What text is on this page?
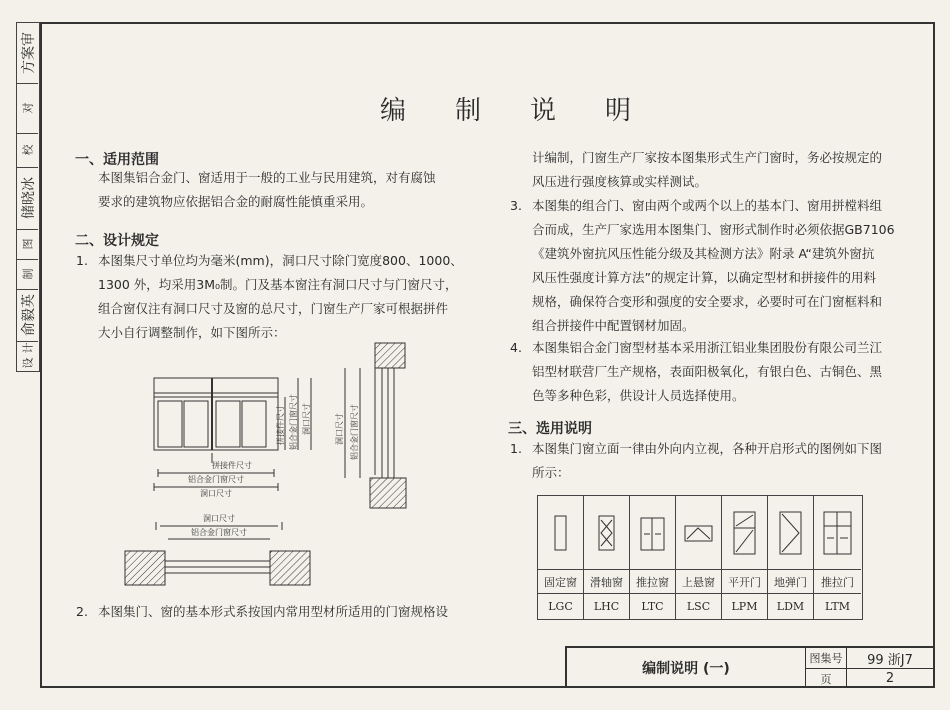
方案审
对
校
储晓冰
图
制
俞毅英
计
设
编 制 说 明
一、适用范围
本图集铝合金门、窗适用于一般的工业与民用建筑，对有腐蚀
要求的建筑物应依据铝合金的耐腐性能慎重采用。
二、设计规定
1. 本图集尺寸单位均为毫米(mm)，洞口尺寸除门宽度800、1000、
1300 外，均采用3M₀制。门及基本窗注有洞口尺寸与门窗尺寸，
组合窗仅注有洞口尺寸及窗的总尺寸，门窗生产厂家可根据拼件
大小自行调整制作，如下图所示：
拼接件尺寸
铝合金门窗尺寸
洞口尺寸
洞口尺寸
铝合金门窗尺寸
拼接件尺寸 铝合金门窗尺寸 洞口尺寸	洞口尺寸 铝合金门窗尺寸
2. 本图集门、窗的基本形式系按国内常用型材所适用的门窗规格设
计编制，门窗生产厂家按本图集形式生产门窗时，务必按规定的
风压进行强度核算或实样测试。
3. 本图集的组合门、窗由两个或两个以上的基本门、窗用拼樘料组
合而成，生产厂家选用本图集门、窗形式制作时必须依据GB7106
《建筑外窗抗风压性能分级及其检测方法》附录 A“建筑外窗抗
风压性强度计算方法”的规定计算，以确定型材和拼接件的用料
规格，确保符合变形和强度的安全要求，必要时可在门窗框料和
组合拼接件中配置钢材加固。
4. 本图集铝合金门窗型材基本采用浙江铝业集团股份有限公司兰江
铝型材联营厂生产规格，表面阳极氧化，有银白色、古铜色、黑
色等多种色彩，供设计人员选择使用。
三、选用说明
1. 本图集门窗立面一律由外向内立视，各种开启形式的图例如下图
所示：
固定窗	滑轴窗	推拉窗	上悬窗	平开门	地弹门	推拉门
LGC	LHC	LTC	LSC	LPM	LDM	LTM
编制说明 (一)
图集号	99 浙J7
页	2
